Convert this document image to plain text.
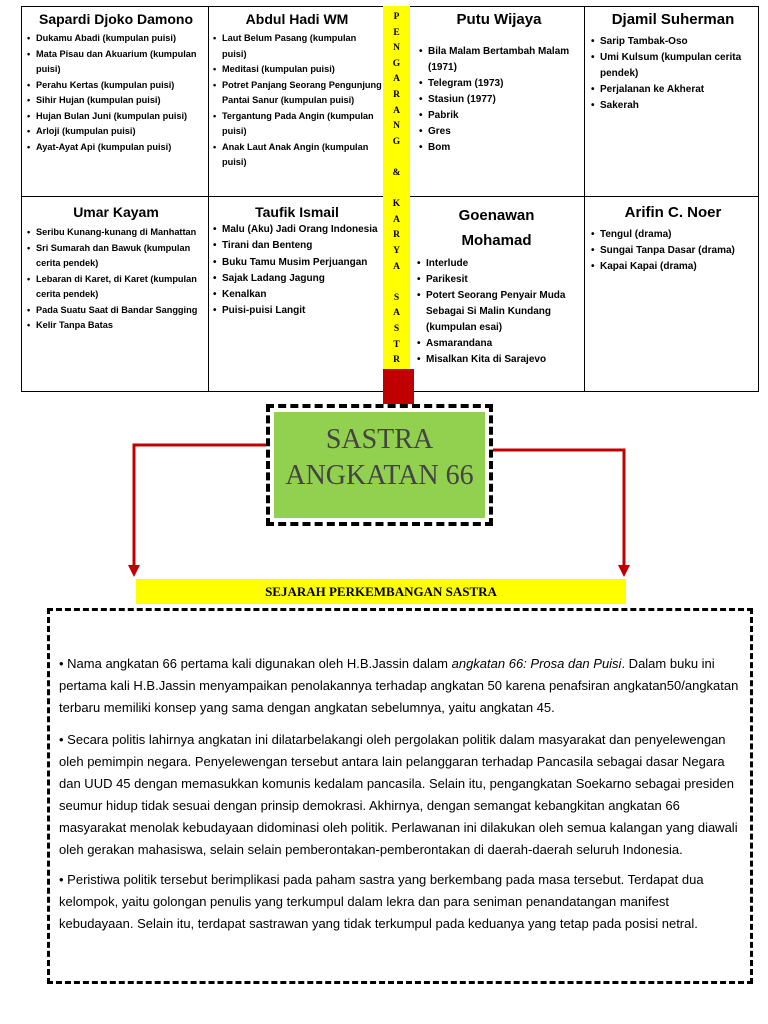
Sapardi Djoko Damono
• Dukamu Abadi (kumpulan puisi)
• Mata Pisau dan Akuarium (kumpulan puisi)
• Perahu Kertas (kumpulan puisi)
• Sihir Hujan (kumpulan puisi)
• Hujan Bulan Juni (kumpulan puisi)
• Arloji (kumpulan puisi)
• Ayat-Ayat Api (kumpulan puisi)
Abdul Hadi WM
• Laut Belum Pasang (kumpulan puisi)
• Meditasi (kumpulan puisi)
• Potret Panjang Seorang Pengunjung Pantai Sanur (kumpulan puisi)
• Tergantung Pada Angin (kumpulan puisi)
• Anak Laut Anak Angin (kumpulan puisi)
Putu Wijaya
• Bila Malam Bertambah Malam (1971)
• Telegram (1973)
• Stasiun (1977)
• Pabrik
• Gres
• Bom
Djamil Suherman
• Sarip Tambak-Oso
• Umi Kulsum (kumpulan cerita pendek)
• Perjalanan ke Akherat
• Sakerah
Umar Kayam
• Seribu Kunang-kunang di Manhattan
• Sri Sumarah dan Bawuk (kumpulan cerita pendek)
• Lebaran di Karet, di Karet (kumpulan cerita pendek)
• Pada Suatu Saat di Bandar Sangging
• Kelir Tanpa Batas
Taufik Ismail
• Malu (Aku) Jadi Orang Indonesia
• Tirani dan Benteng
• Buku Tamu Musim Perjuangan
• Sajak Ladang Jagung
• Kenalkan
• Puisi-puisi Langit
Goenawan Mohamad
• Interlude
• Parikesit
• Potert Seorang Penyair Muda Sebagai Si Malin Kundang (kumpulan esai)
• Asmarandana
• Misalkan Kita di Sarajevo
Arifin C. Noer
• Tengul (drama)
• Sungai Tanpa Dasar (drama)
• Kapai Kapai (drama)
P
E
N
G
A
R
A
N
G
&
K
A
R
Y
A
S
A
S
T
R
SASTRA
ANGKATAN 66
SEJARAH PERKEMBANGAN SASTRA

• Nama angkatan 66 pertama kali digunakan oleh H.B.Jassin dalam angkatan 66: Prosa dan Puisi. Dalam buku ini pertama kali H.B.Jassin menyampaikan penolakannya terhadap angkatan 50 karena penafsiran angkatan50/angkatan terbaru memiliki konsep yang sama dengan angkatan sebelumnya, yaitu angkatan 45.

• Secara politis lahirnya angkatan ini dilatarbelakangi oleh pergolakan politik dalam masyarakat dan penyelewengan oleh pemimpin negara. Penyelewengan tersebut antara lain pelanggaran terhadap Pancasila sebagai dasar Negara dan UUD 45 dengan memasukkan komunis kedalam pancasila. Selain itu, pengangkatan Soekarno sebagai presiden seumur hidup tidak sesuai dengan prinsip demokrasi. Akhirnya, dengan semangat kebangkitan angkatan 66 masyarakat menolak kebudayaan didominasi oleh politik. Perlawanan ini dilakukan oleh semua kalangan yang diawali oleh gerakan mahasiswa, selain selain pemberontakan-pemberontakan di daerah-daerah seluruh Indonesia.

• Peristiwa politik tersebut berimplikasi pada paham sastra yang berkembang pada masa tersebut. Terdapat dua kelompok, yaitu golongan penulis yang terkumpul dalam lekra dan para seniman penandatangan manifest kebudayaan. Selain itu, terdapat sastrawan yang tidak terkumpul pada keduanya yang tetap pada posisi netral.
